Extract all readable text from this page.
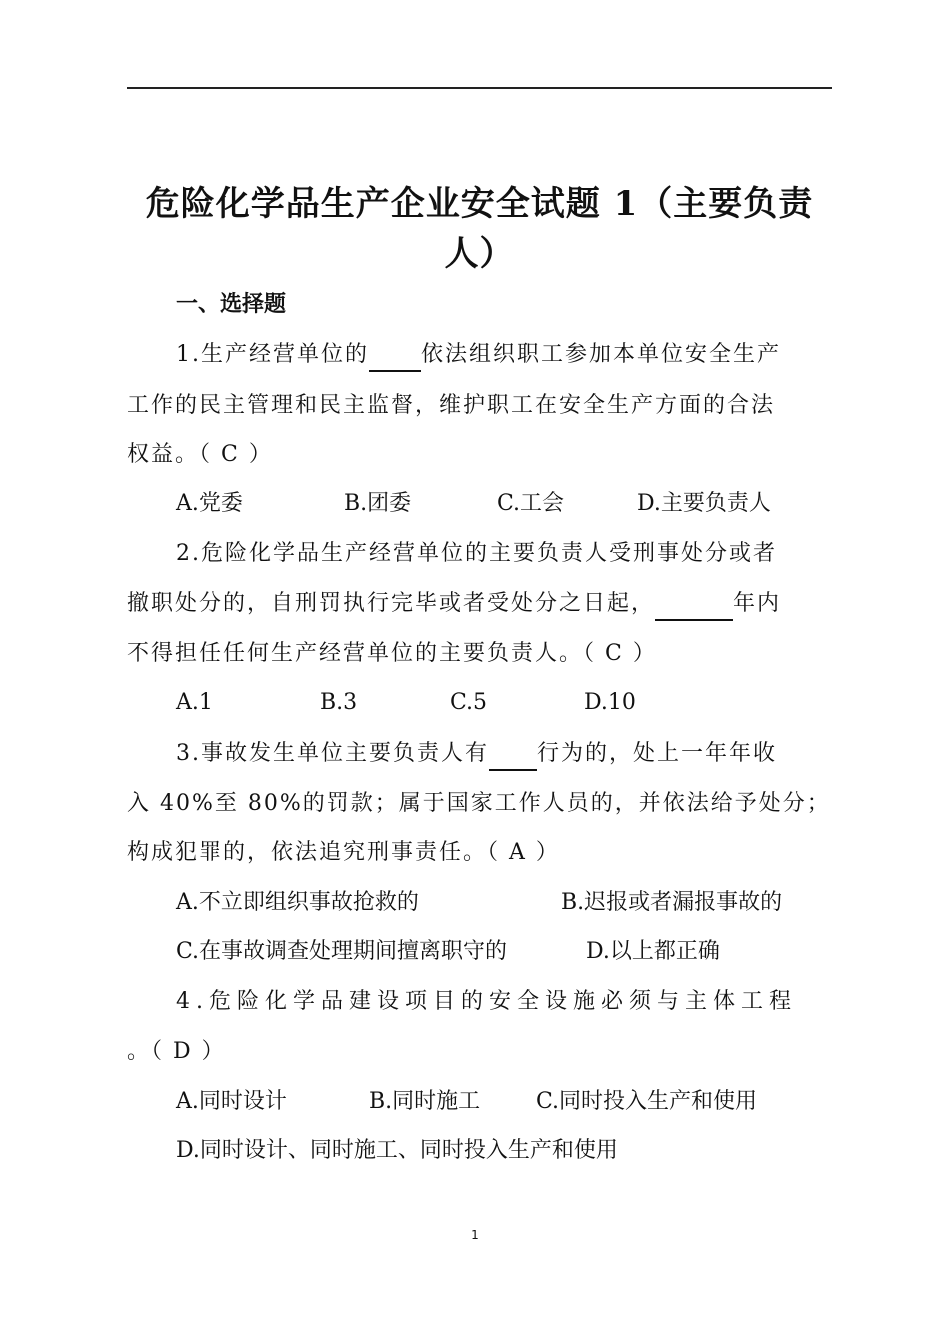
危险化学品生产企业安全试题 1（主要负责
人）
一、选择题
1.生产经营单位的 依法组织职工参加本单位安全生产
工作的民主管理和民主监督，维护职工在安全生产方面的合法
权益。（ C ）
A.党委	B.团委	C.工会	D.主要负责人
2.危险化学品生产经营单位的主要负责人受刑事处分或者
撤职处分的，自刑罚执行完毕或者受处分之日起，	年内
不得担任任何生产经营单位的主要负责人。（ C ）
A.1	B.3	C.5	D.10
3.事故发生单位主要负责人有 行为的，处上一年年收
入 40%至 80%的罚款；属于国家工作人员的，并依法给予处分；
构成犯罪的，依法追究刑事责任。（ A ）
A.不立即组织事故抢救的	B.迟报或者漏报事故的
C.在事故调查处理期间擅离职守的	D.以上都正确
4.危险化学品建设项目的安全设施必须与主体工程
。（ D ）
A.同时设计	B.同时施工	C.同时投入生产和使用
D.同时设计、同时施工、同时投入生产和使用
1
